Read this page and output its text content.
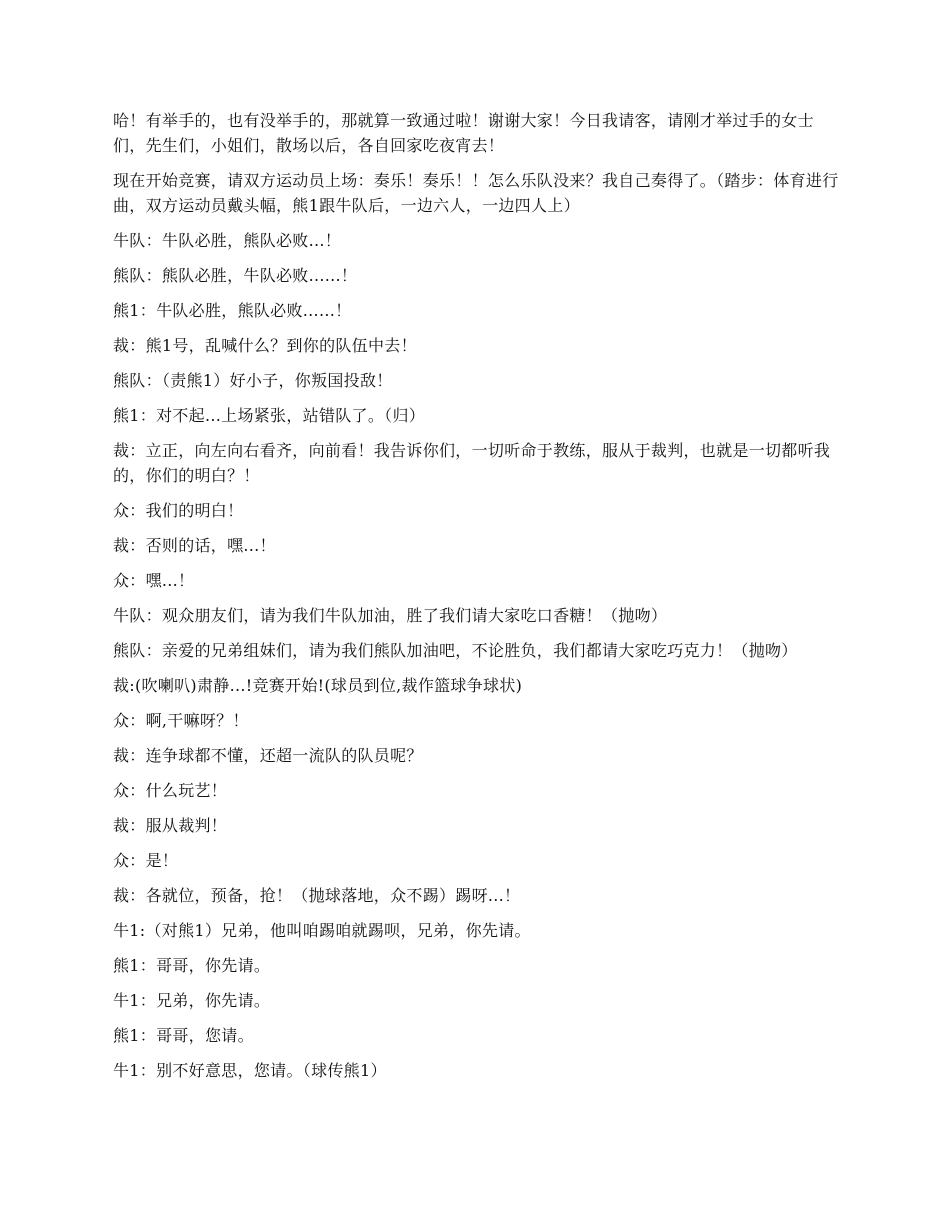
哈！有举手的，也有没举手的，那就算一致通过啦！谢谢大家！今日我请客，请刚才举过手的女士们，先生们，小姐们，散场以后，各自回家吃夜宵去！

现在开始竞赛，请双方运动员上场：奏乐！奏乐！！怎么乐队没来？我自己奏得了。（踏步：体育进行曲，双方运动员戴头幅，熊1跟牛队后，一边六人，一边四人上）

牛队：牛队必胜，熊队必败...！

熊队：熊队必胜，牛队必败......！

熊1：牛队必胜，熊队必败......！

裁：熊1号，乱喊什么？到你的队伍中去！

熊队：（责熊1）好小子，你叛国投敌！

熊1：对不起...上场紧张，站错队了。（归）

裁：立正，向左向右看齐，向前看！我告诉你们，一切听命于教练，服从于裁判，也就是一切都听我的，你们的明白？！

众：我们的明白！

裁：否则的话，嘿...！

众：嘿...！

牛队：观众朋友们，请为我们牛队加油，胜了我们请大家吃口香糖！（抛吻）

熊队：亲爱的兄弟组妹们，请为我们熊队加油吧，不论胜负，我们都请大家吃巧克力！（抛吻）

裁:(吹喇叭)肃静...!竞赛开始!(球员到位,裁作篮球争球状)

众：啊,干嘛呀？！

裁：连争球都不懂，还超一流队的队员呢？

众：什么玩艺！

裁：服从裁判！

众：是！

裁：各就位，预备，抢！（抛球落地，众不踢）踢呀...！

牛1:（对熊1）兄弟，他叫咱踢咱就踢呗，兄弟，你先请。

熊1：哥哥，你先请。

牛1：兄弟，你先请。

熊1：哥哥，您请。

牛1：别不好意思，您请。（球传熊1）
